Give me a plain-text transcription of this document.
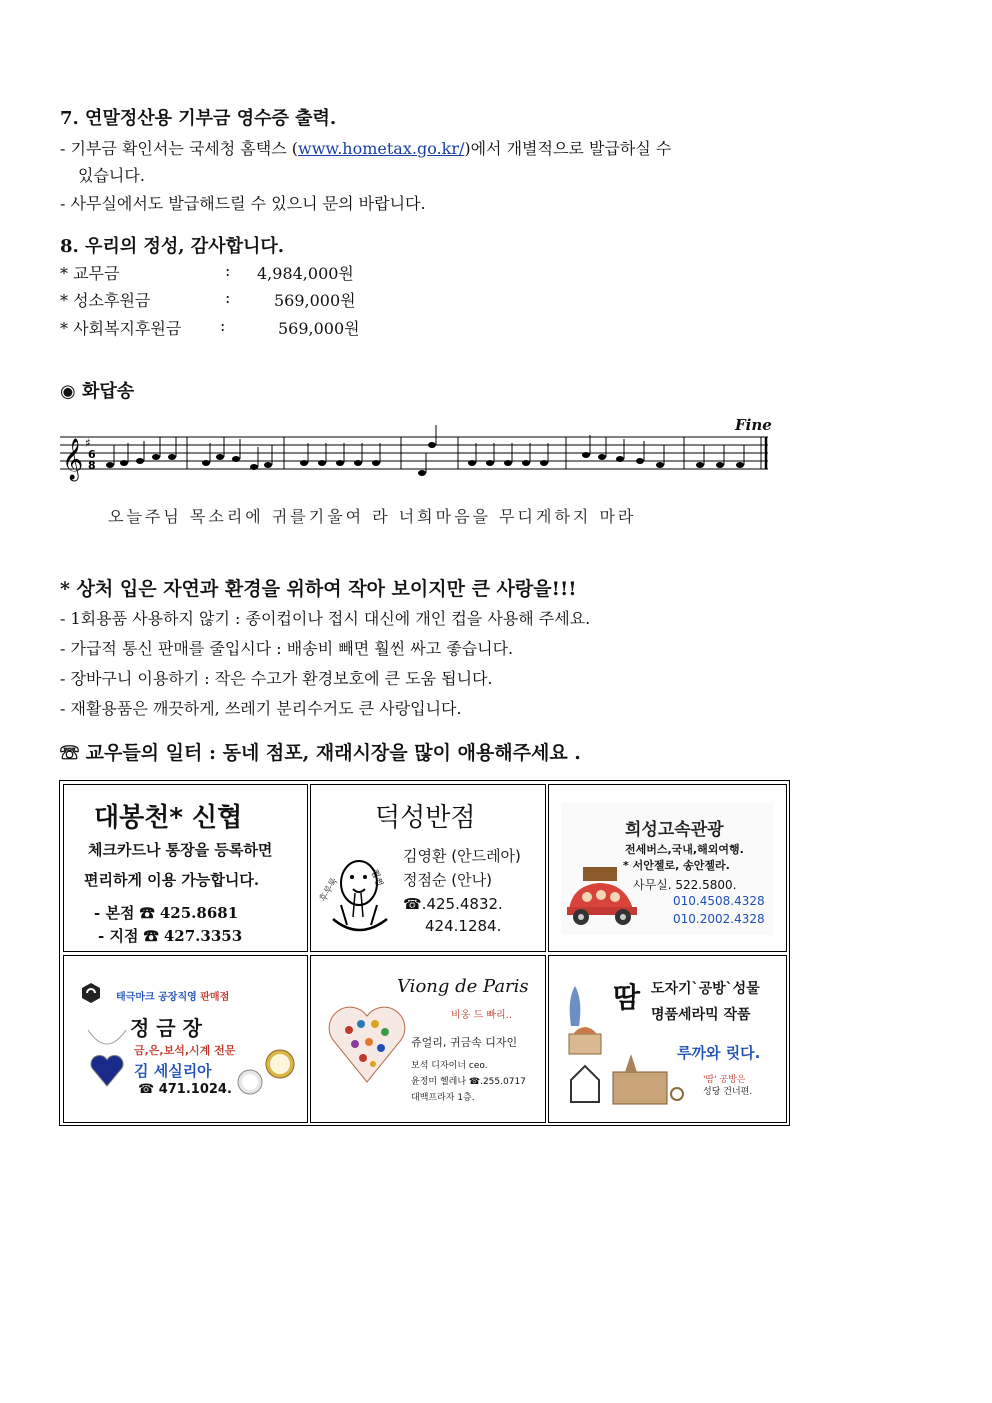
7. 연말정산용 기부금 영수증 출력.
- 기부금 확인서는 국세청 홈택스 (www.hometax.go.kr/)에서 개별적으로 발급하실 수
있습니다.
- 사무실에서도 발급해드릴 수 있으니 문의 바랍니다.
8. 우리의 정성, 감사합니다.
* 교무금	: 4,984,000원
* 성소후원금	:	569,000원
* 사회복지후원금 :	569,000원
◉ 화답송
Fine
𝄞 ♯
6
8
오늘주님 목소리에 귀를기울여 라 너희마음을 무디게하지 마라
* 상처 입은 자연과 환경을 위하여 작아 보이지만 큰 사랑을!!!
- 1회용품 사용하지 않기 : 종이컵이나 접시 대신에 개인 컵을 사용해 주세요.
- 가급적 통신 판매를 줄입시다 : 배송비 빼면 훨씬 싸고 좋습니다.
- 장바구니 이용하기 : 작은 수고가 환경보호에 큰 도움 됩니다.
- 재활용품은 깨끗하게, 쓰레기 분리수거도 큰 사랑입니다.
☏ 교우들의 일터 : 동네 점포, 재래시장을 많이 애용해주세요 .
대봉천* 신협
체크카드나 통장을 등록하면
편리하게 이용 가능합니다.
- 본점 ☎ 425.8681
- 지점 ☎ 427.3353
덕성반점
후루룩	쩝쩝
김영환 (안드레아)
정점순 (안나)
☎.425.4832.
424.1284.
희성고속관광
전세버스,국내,해외여행.
* 서안젤로, 송안젤라.
사무실. 522.5800.
010.4508.4328
010.2002.4328
태극마크 공장직영 판매점
정 금 장
금,은,보석,시계 전문
김 세실리아
☎ 471.1024.
Viong de Paris
비옹 드 빠리..
쥬얼리, 귀금속 디자인
보석 디자이너 ceo.
윤정미 헬레나 ☎.255.0717
대백프라자 1층.
땀 도자기`공방`성물
명품세라믹 작품
루까와 릿다.
'땀' 공방은
성당 건너편.
